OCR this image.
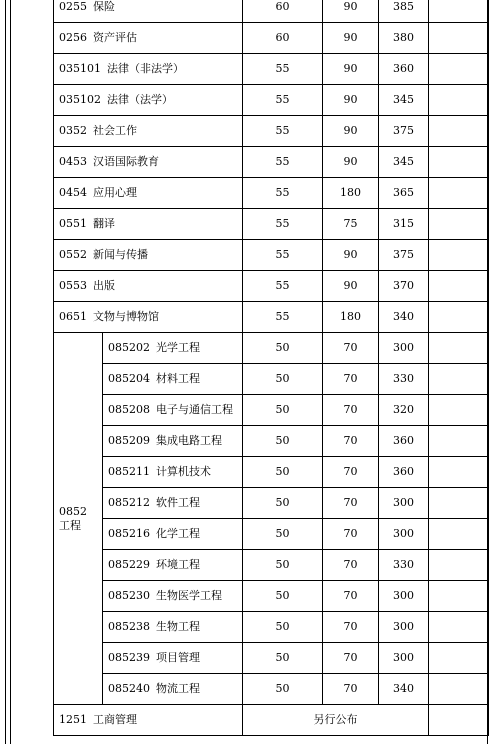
0255 保险		60	90	385	
0256 资产评估		60	90	380	
035101 法律（非法学）		55	90	360	
035102 法律（法学）		55	90	345	
0352 社会工作		55	90	375	
0453 汉语国际教育		55	90	345	
0454 应用心理		55	180	365	
0551 翻译		55	75	315	
0552 新闻与传播		55	90	375	
0553 出版		55	90	370	
0651 文物与博物馆		55	180	340	

0852
工程	085202 光学工程	50	70	300	
	085204 材料工程	50	70	330	
	085208 电子与通信工程	50	70	320	
	085209 集成电路工程	50	70	360	
	085211 计算机技术	50	70	360	
	085212 软件工程	50	70	300	
	085216 化学工程	50	70	300	
	085229 环境工程	50	70	330	
	085230 生物医学工程	50	70	300	
	085238 生物工程	50	70	300	
	085239 项目管理	50	70	300	
	085240 物流工程	50	70	340	
1251 工商管理		另行公布			
